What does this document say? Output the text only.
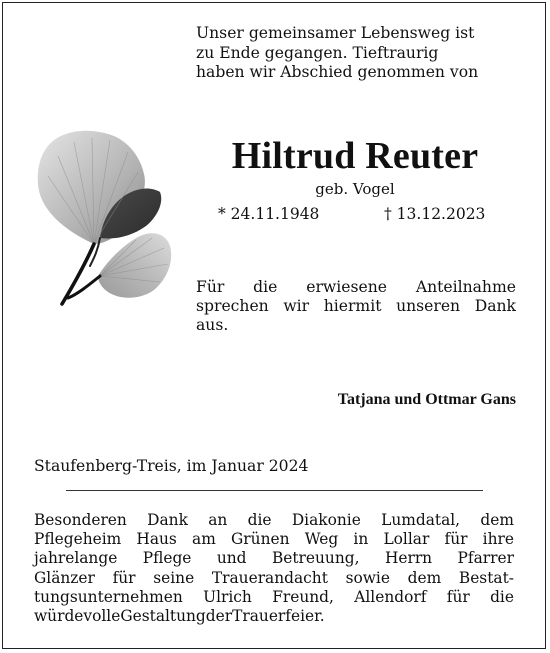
Unser gemeinsamer Lebensweg ist
zu Ende gegangen. Tieftraurig
haben wir Abschied genommen von
Hiltrud Reuter
geb. Vogel
* 24.11.1948	† 13.12.2023
Für die erwiesene Anteilnahme
sprechen wir hiermit unseren Dank
aus.
Tatjana und Ottmar Gans
Staufenberg-Treis, im Januar 2024
Besonderen Dank an die Diakonie Lumdatal, dem
Pflegeheim Haus am Grünen Weg in Lollar für ihre
jahrelange Pflege und Betreuung, Herrn Pfarrer
Glänzer für seine Trauerandacht sowie dem Bestat-
tungsunternehmen Ulrich Freund, Allendorf für die
würdevolle Gestaltung der Trauerfeier.
